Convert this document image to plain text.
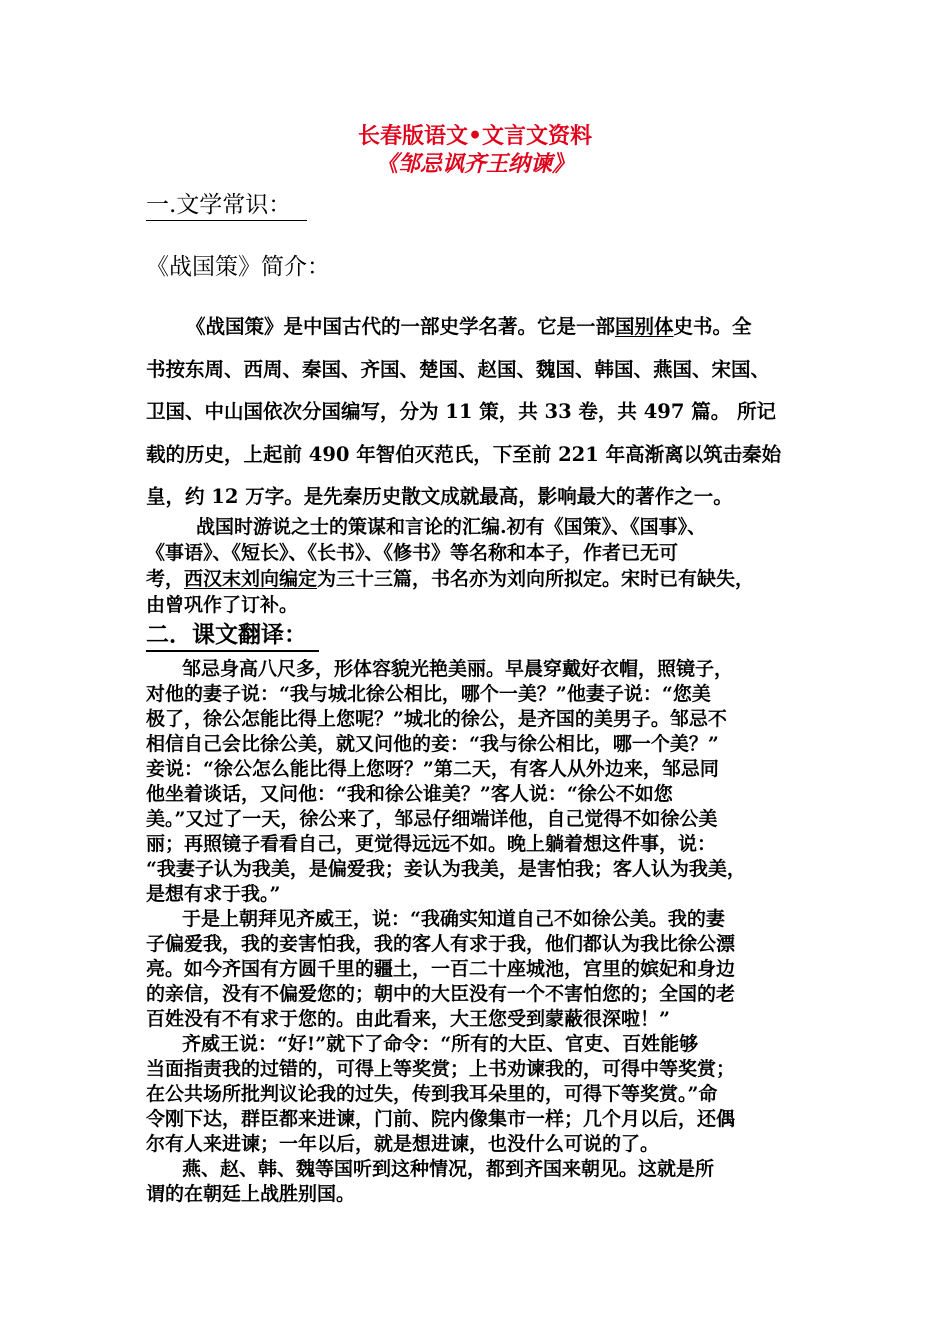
长春版语文•文言文资料
《邹忌讽齐王纳谏》
一.文学常识：
《战国策》简介：
《战国策》是中国古代的一部史学名著。它是一部国别体史书。全
书按东周、西周、秦国、齐国、楚国、赵国、魏国、韩国、燕国、宋国、
卫国、中山国依次分国编写，分为 11 策，共 33 卷，共 497 篇。 所记
载的历史，上起前 490 年智伯灭范氏，下至前 221 年高渐离以筑击秦始
皇，约 12 万字。是先秦历史散文成就最高，影响最大的著作之一。
战国时游说之士的策谋和言论的汇编.初有《国策》、《国事》、
《事语》、《短长》、《长书》、《修书》等名称和本子，作者已无可
考，西汉末刘向编定为三十三篇，书名亦为刘向所拟定。宋时已有缺失，
由曾巩作了订补。
二．课文翻译：
邹忌身高八尺多，形体容貌光艳美丽。早晨穿戴好衣帽，照镜子，
对他的妻子说：“我与城北徐公相比，哪个一美？”他妻子说：“您美
极了，徐公怎能比得上您呢？”城北的徐公，是齐国的美男子。邹忌不
相信自己会比徐公美，就又问他的妾：“我与徐公相比，哪一个美？”
妾说：“徐公怎么能比得上您呀？”第二天，有客人从外边来，邹忌同
他坐着谈话，又问他：“我和徐公谁美？”客人说：“徐公不如您
美。”又过了一天，徐公来了，邹忌仔细端详他，自己觉得不如徐公美
丽；再照镜子看看自己，更觉得远远不如。晚上躺着想这件事，说：
“我妻子认为我美，是偏爱我；妾认为我美，是害怕我；客人认为我美，
是想有求于我。”
于是上朝拜见齐威王，说：“我确实知道自己不如徐公美。我的妻
子偏爱我，我的妾害怕我，我的客人有求于我，他们都认为我比徐公漂
亮。如今齐国有方圆千里的疆土，一百二十座城池，宫里的嫔妃和身边
的亲信，没有不偏爱您的；朝中的大臣没有一个不害怕您的；全国的老
百姓没有不有求于您的。由此看来，大王您受到蒙蔽很深啦！”
齐威王说：“好!”就下了命令：“所有的大臣、官吏、百姓能够
当面指责我的过错的，可得上等奖赏；上书劝谏我的，可得中等奖赏；
在公共场所批判议论我的过失，传到我耳朵里的，可得下等奖赏。”命
令刚下达，群臣都来进谏，门前、院内像集市一样；几个月以后，还偶
尔有人来进谏；一年以后，就是想进谏，也没什么可说的了。
燕、赵、韩、魏等国听到这种情况，都到齐国来朝见。这就是所
谓的在朝廷上战胜别国。
